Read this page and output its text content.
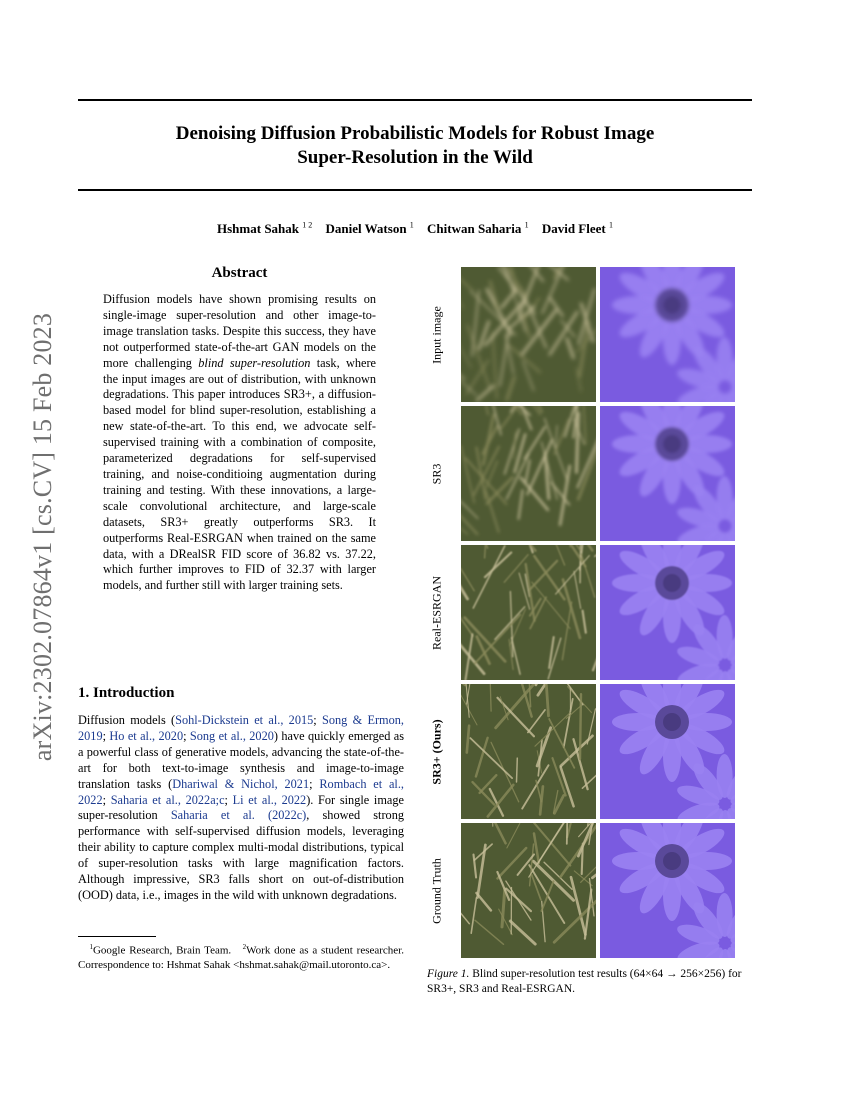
Denoising Diffusion Probabilistic Models for Robust Image
Super-Resolution in the Wild
Hshmat Sahak $^{1 2}$ Daniel Watson $^1$ Chitwan Saharia $^1$ David Fleet $^1$
arXiv:2302.07864v1 [cs.CV] 15 Feb 2023
Abstract
Diffusion models have shown promising results on single-image super-resolution and other image-to-image translation tasks. Despite this success, they have not outperformed state-of-the-art GAN models on the more challenging blind super-resolution task, where the input images are out of distribution, with unknown degradations. This paper introduces SR3+, a diffusion-based model for blind super-resolution, establishing a new state-of-the-art. To this end, we advocate self-supervised training with a combination of composite, parameterized degradations for self-supervised training, and noise-conditioing augmentation during training and testing. With these innovations, a large-scale convolutional architecture, and large-scale datasets, SR3+ greatly outperforms SR3. It outperforms Real-ESRGAN when trained on the same data, with a DRealSR FID score of 36.82 vs. 37.22, which further improves to FID of 32.37 with larger models, and further still with larger training sets.
1. Introduction
Diffusion models (Sohl-Dickstein et al., 2015; Song & Ermon, 2019; Ho et al., 2020; Song et al., 2020) have quickly emerged as a powerful class of generative models, advancing the state-of-the-art for both text-to-image synthesis and image-to-image translation tasks (Dhariwal & Nichol, 2021; Rombach et al., 2022; Saharia et al., 2022a;c; Li et al., 2022). For single image super-resolution Saharia et al. (2022c), showed strong performance with self-supervised diffusion models, leveraging their ability to capture complex multi-modal distributions, typical of super-resolution tasks with large magnification factors. Although impressive, SR3 falls short on out-of-distribution (OOD) data, i.e., images in the wild with unknown degradations.
$^1$Google Research, Brain Team. $^2$Work done as a student researcher. Correspondence to: Hshmat Sahak <hshmat.sahak@mail.utoronto.ca>.
Input image
SR3
Real-ESRGAN
SR3+ (Ours)
Ground Truth
Figure 1. Blind super-resolution test results (64×64 → 256×256) for SR3+, SR3 and Real-ESRGAN.
